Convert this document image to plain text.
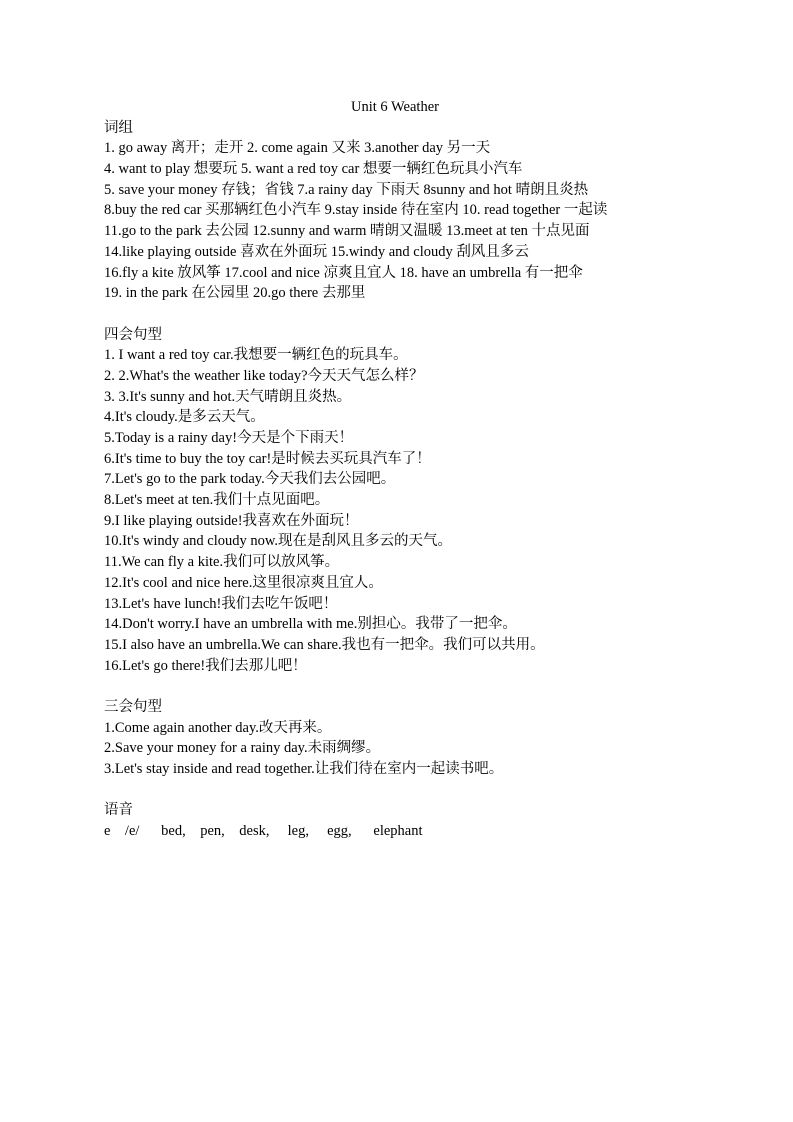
Unit 6 Weather
词组
1. go away 离开；走开 2. come again 又来 3.another day 另一天
4. want to play 想要玩 5. want a red toy car 想要一辆红色玩具小汽车
5. save your money 存钱；省钱 7.a rainy day 下雨天 8sunny and hot 晴朗且炎热
8.buy the red car 买那辆红色小汽车 9.stay inside 待在室内 10. read together 一起读
11.go to the park 去公园 12.sunny and warm 晴朗又温暖 13.meet at ten 十点见面
14.like playing outside 喜欢在外面玩 15.windy and cloudy 刮风且多云
16.fly a kite 放风筝 17.cool and nice 凉爽且宜人 18. have an umbrella 有一把伞
19. in the park 在公园里 20.go there 去那里
四会句型
1. I want a red toy car.我想要一辆红色的玩具车。
2. 2.What's the weather like today?今天天气怎么样？
3. 3.It's sunny and hot.天气晴朗且炎热。
4.It's cloudy.是多云天气。
5.Today is a rainy day!今天是个下雨天！
6.It's time to buy the toy car!是时候去买玩具汽车了！
7.Let's go to the park today.今天我们去公园吧。
8.Let's meet at ten.我们十点见面吧。
9.I like playing outside!我喜欢在外面玩！
10.It's windy and cloudy now.现在是刮风且多云的天气。
11.We can fly a kite.我们可以放风筝。
12.It's cool and nice here.这里很凉爽且宜人。
13.Let's have lunch!我们去吃午饭吧！
14.Don't worry.I have an umbrella with me.别担心。我带了一把伞。
15.I also have an umbrella.We can share.我也有一把伞。我们可以共用。
16.Let's go there!我们去那儿吧！
三会句型
1.Come again another day.改天再来。
2.Save your money for a rainy day.未雨绸缪。
3.Let's stay inside and read together.让我们待在室内一起读书吧。
语音
e    /e/      bed,    pen,    desk,     leg,     egg,      elephant
